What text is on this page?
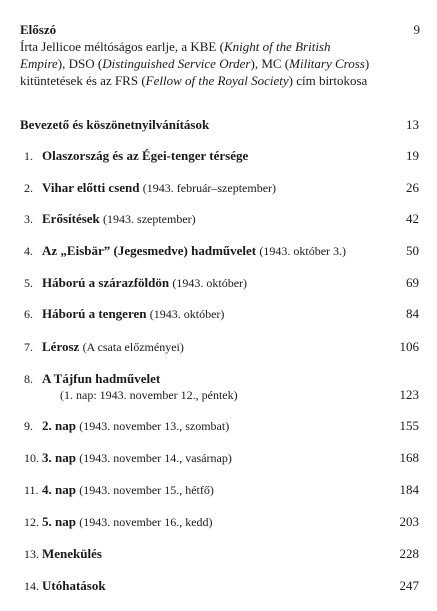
Előszó	9

Írta Jellicoe méltóságos earlje, a KBE (Knight of the British
Empire), DSO (Distinguished Service Order), MC (Military Cross)
kitüntetések és az FRS (Fellow of the Royal Society) cím birtokosa

Bevezető és köszönetnyilvánítások	13
1. Olaszország és az Égei-tenger térsége	19
2. Vihar előtti csend (1943. február–szeptember)	26
3. Erősítések (1943. szeptember)	42
4. Az „Eisbär” (Jegesmedve) hadművelet (1943. október 3.)	50
5. Háború a szárazföldön (1943. október)	69
6. Háború a tengeren (1943. október)	84
7. Lérosz (A csata előzményei)	106
8. A Tájfun hadművelet
(1. nap: 1943. november 12., péntek)	123
9. 2. nap (1943. november 13., szombat)	155
10. 3. nap (1943. november 14., vasárnap)	168
11. 4. nap (1943. november 15., hétfő)	184
12. 5. nap (1943. november 16., kedd)	203
13. Menekülés	228
14. Utóhatások	247
